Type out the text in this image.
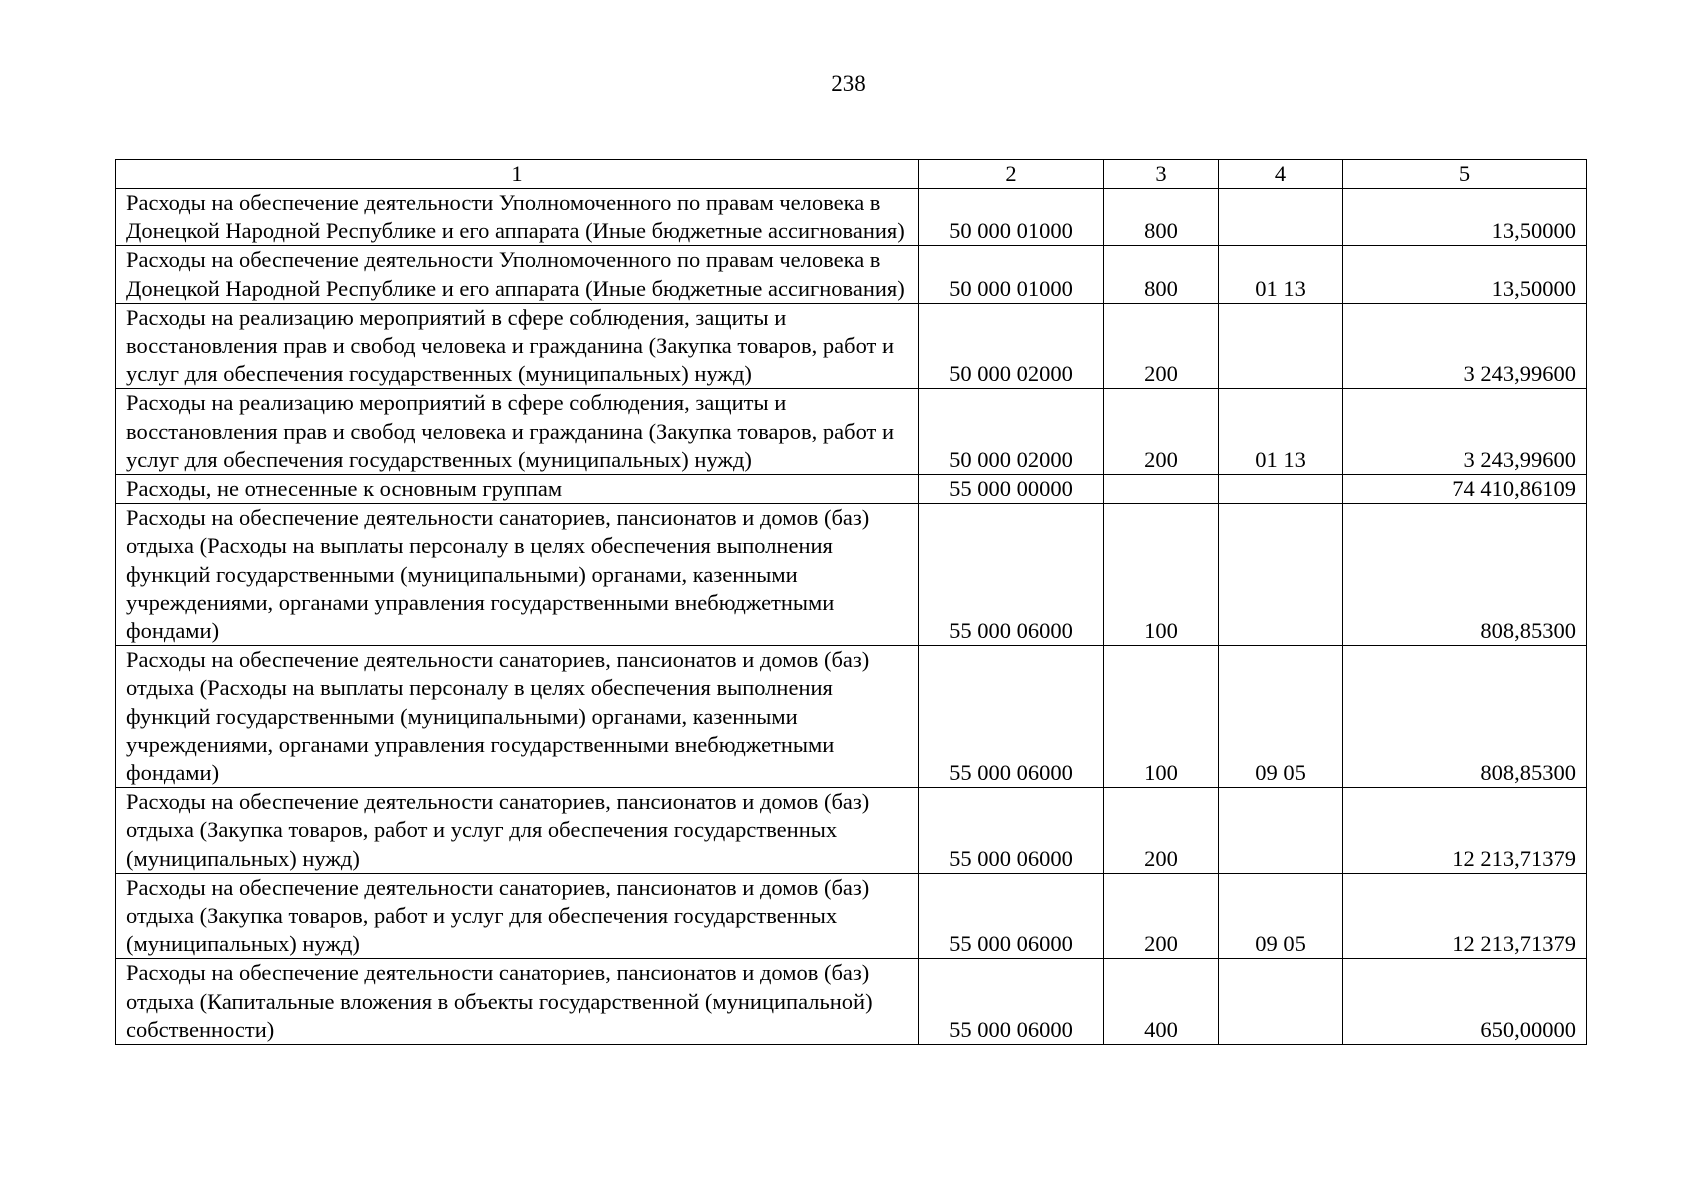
238
1	2	3	4	5
Расходы на обеспечение деятельности Уполномоченного по правам человека в Донецкой Народной Республике и его аппарата (Иные бюджетные ассигнования)	50 000 01000	800		13,50000
Расходы на обеспечение деятельности Уполномоченного по правам человека в Донецкой Народной Республике и его аппарата (Иные бюджетные ассигнования)	50 000 01000	800	01 13	13,50000
Расходы на реализацию мероприятий в сфере соблюдения, защиты и восстановления прав и свобод человека и гражданина (Закупка товаров, работ и услуг для обеспечения государственных (муниципальных) нужд)	50 000 02000	200		3 243,99600
Расходы на реализацию мероприятий в сфере соблюдения, защиты и восстановления прав и свобод человека и гражданина (Закупка товаров, работ и услуг для обеспечения государственных (муниципальных) нужд)	50 000 02000	200	01 13	3 243,99600
Расходы, не отнесенные к основным группам	55 000 00000			74 410,86109
Расходы на обеспечение деятельности санаториев, пансионатов и домов (баз) отдыха (Расходы на выплаты персоналу в целях обеспечения выполнения функций государственными (муниципальными) органами, казенными учреждениями, органами управления государственными внебюджетными фондами)	55 000 06000	100		808,85300
Расходы на обеспечение деятельности санаториев, пансионатов и домов (баз) отдыха (Расходы на выплаты персоналу в целях обеспечения выполнения функций государственными (муниципальными) органами, казенными учреждениями, органами управления государственными внебюджетными фондами)	55 000 06000	100	09 05	808,85300
Расходы на обеспечение деятельности санаториев, пансионатов и домов (баз) отдыха (Закупка товаров, работ и услуг для обеспечения государственных (муниципальных) нужд)	55 000 06000	200		12 213,71379
Расходы на обеспечение деятельности санаториев, пансионатов и домов (баз) отдыха (Закупка товаров, работ и услуг для обеспечения государственных (муниципальных) нужд)	55 000 06000	200	09 05	12 213,71379
Расходы на обеспечение деятельности санаториев, пансионатов и домов (баз) отдыха (Капитальные вложения в объекты государственной (муниципальной) собственности)	55 000 06000	400		650,00000
